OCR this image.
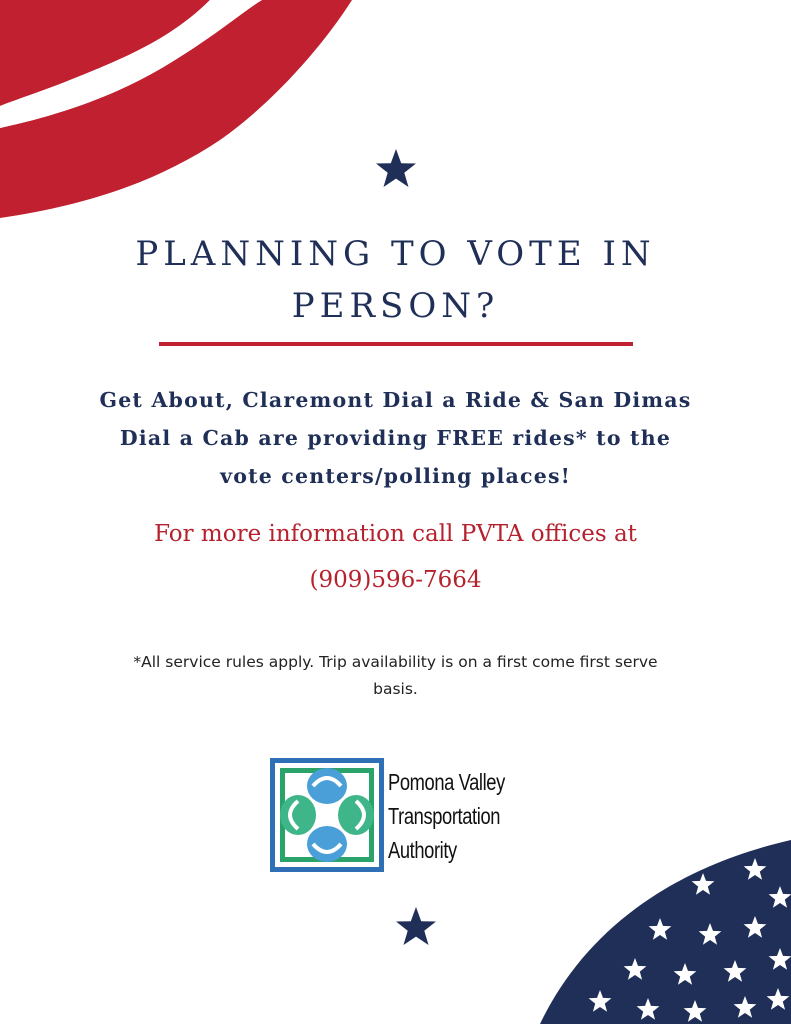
PLANNING TO VOTE IN PERSON?

Get About, Claremont Dial a Ride & San Dimas Dial a Cab are providing FREE rides* to the vote centers/polling places!

For more information call PVTA offices at
(909)596-7664

*All service rules apply. Trip availability is on a first come first serve basis.

Pomona Valley
Transportation
Authority
